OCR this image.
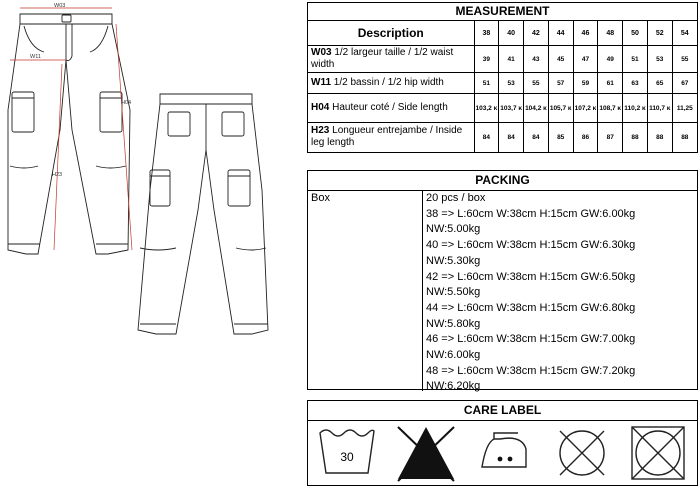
W03
W11
H04
H23
MEASUREMENT
Description	38	40	42	44	46	48	50	52	54
W03 1/2 largeur taille / 1/2 waist width	39	41	43	45	47	49	51	53	55
W11 1/2 bassin / 1/2 hip width	51	53	55	57	59	61	63	65	67
H04 Hauteur coté / Side length	103,2 κ	103,7 κ	104,2 κ	105,7 κ	107,2 κ	108,7 κ	110,2 κ	110,7 κ	11,25
H23 Longueur entrejambe / Inside leg length	84	84	84	85	86	87	88	88	88
PACKING
Box	20 pcs / box
38 => L:60cm W:38cm H:15cm GW:6.00kg
NW:5.00kg
40 => L:60cm W:38cm H:15cm GW:6.30kg
NW:5.30kg
42 => L:60cm W:38cm H:15cm GW:6.50kg
NW:5.50kg
44 => L:60cm W:38cm H:15cm GW:6.80kg
NW:5.80kg
46 => L:60cm W:38cm H:15cm GW:7.00kg
NW:6.00kg
48 => L:60cm W:38cm H:15cm GW:7.20kg
NW:6.20kg
CARE LABEL
30
